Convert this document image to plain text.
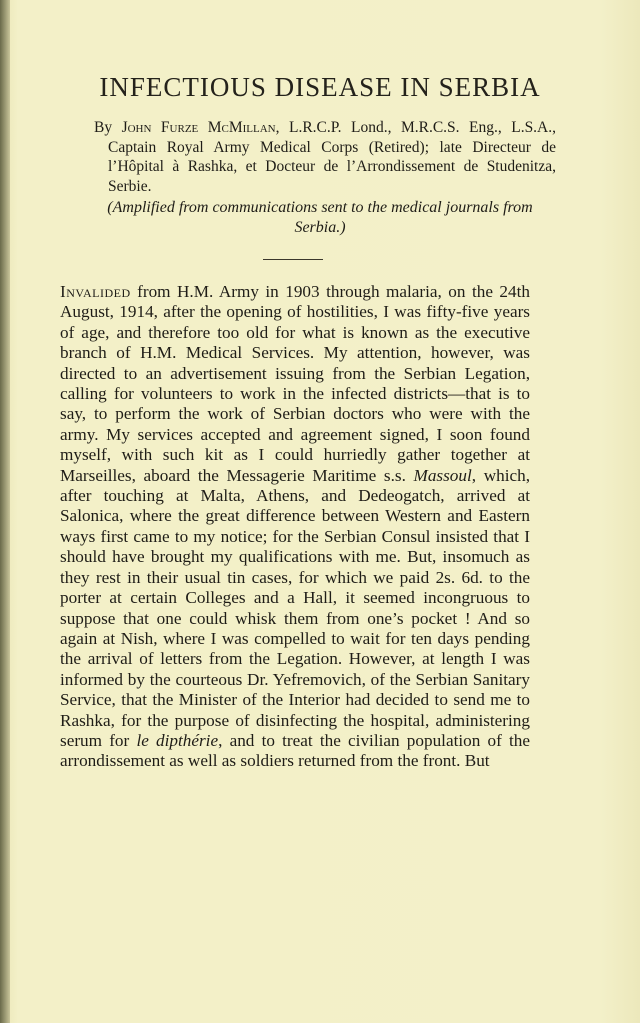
INFECTIOUS DISEASE IN SERBIA

By John Furze McMillan, L.R.C.P. Lond., M.R.C.S. Eng., L.S.A., Captain Royal Army Medical Corps (Retired); late Directeur de l’Hôpital à Rashka, et Docteur de l’Arrondissement de Studenitza, Serbie.

(Amplified from communications sent to the medical journals from Serbia.)

Invalided from H.M. Army in 1903 through malaria, on the 24th August, 1914, after the opening of hostilities, I was fifty-five years of age, and therefore too old for what is known as the executive branch of H.M. Medical Services. My attention, however, was directed to an advertisement issuing from the Serbian Legation, calling for volunteers to work in the infected districts—that is to say, to perform the work of Serbian doctors who were with the army. My services accepted and agreement signed, I soon found myself, with such kit as I could hurriedly gather together at Marseilles, aboard the Messagerie Maritime s.s. Massoul, which, after touching at Malta, Athens, and Dedeogatch, arrived at Salonica, where the great difference between Western and Eastern ways first came to my notice; for the Serbian Consul insisted that I should have brought my qualifications with me. But, insomuch as they rest in their usual tin cases, for which we paid 2s. 6d. to the porter at certain Colleges and a Hall, it seemed incongruous to suppose that one could whisk them from one’s pocket ! And so again at Nish, where I was compelled to wait for ten days pending the arrival of letters from the Legation. However, at length I was informed by the courteous Dr. Yefremovich, of the Serbian Sanitary Service, that the Minister of the Interior had decided to send me to Rashka, for the purpose of disinfecting the hospital, administering serum for le dipthérie, and to treat the civilian population of the arrondissement as well as soldiers returned from the front. But
